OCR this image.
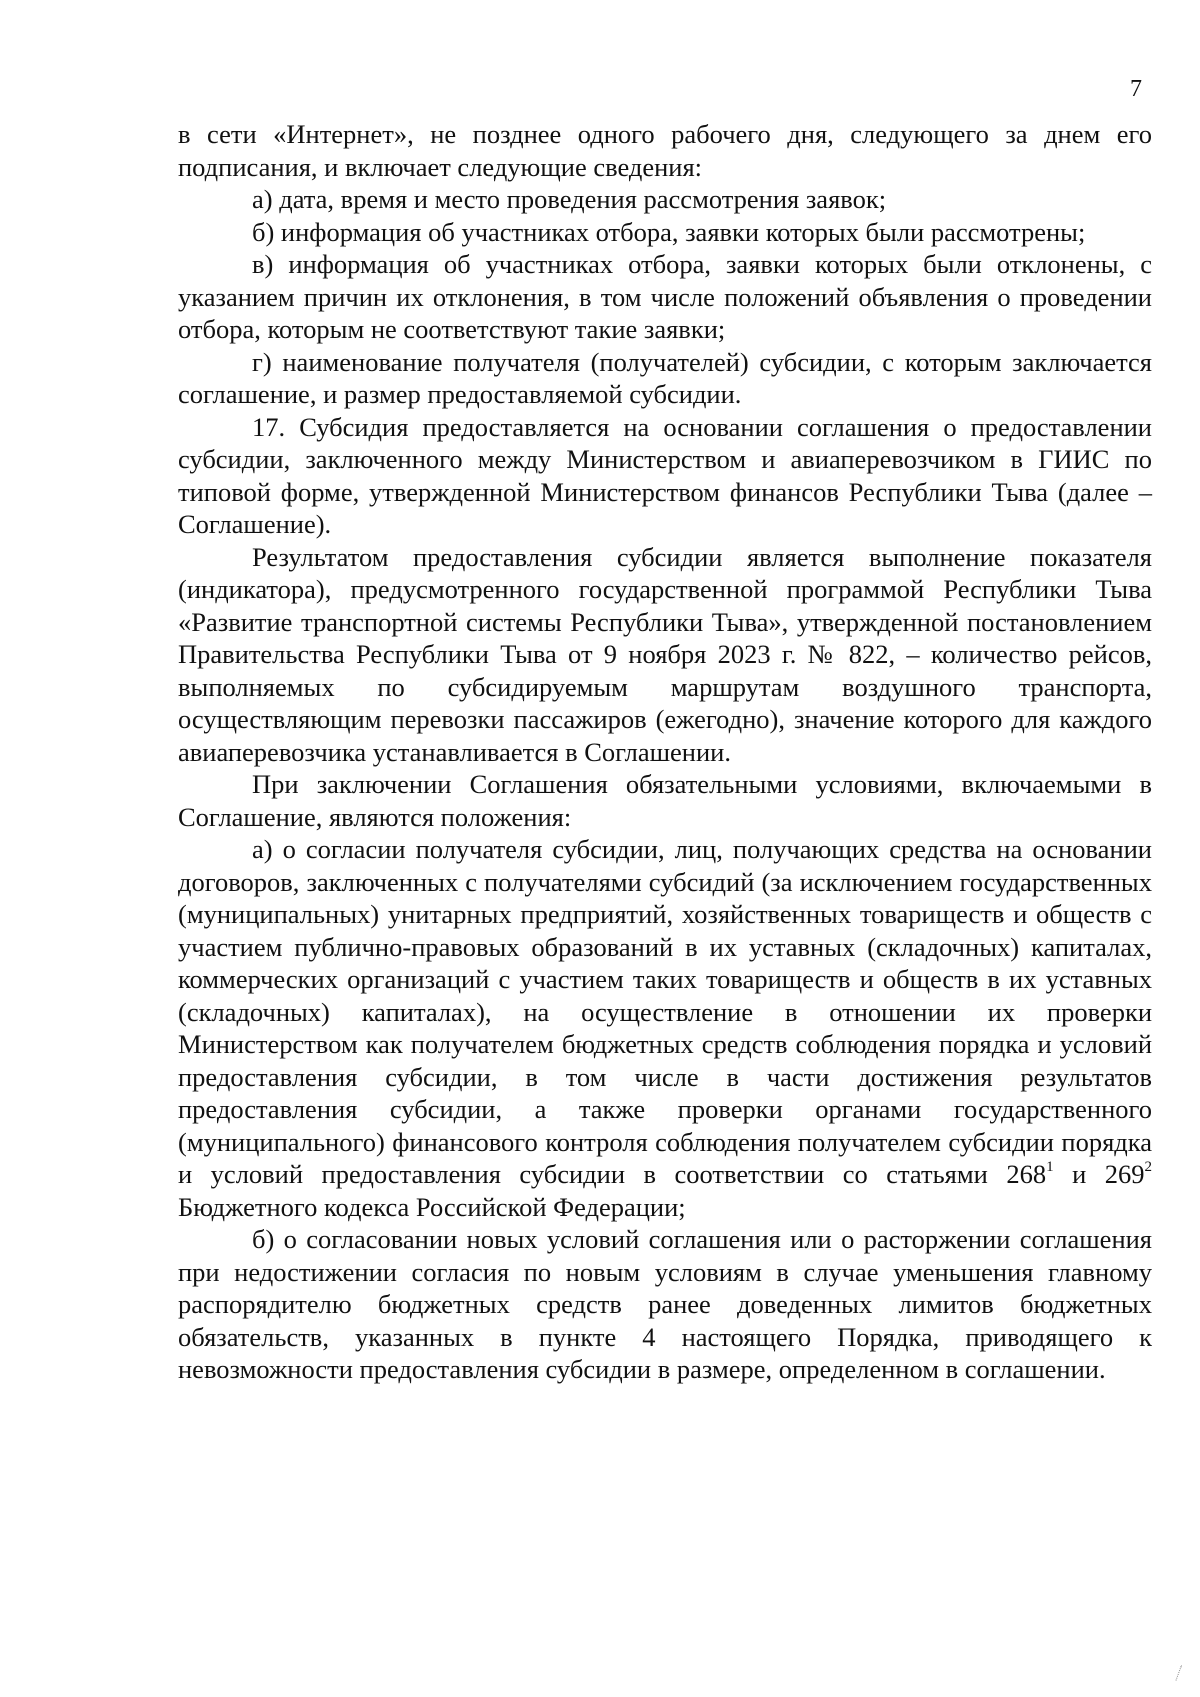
7

в сети «Интернет», не позднее одного рабочего дня, следующего за днем его подписания, и включает следующие сведения:

а) дата, время и место проведения рассмотрения заявок;

б) информация об участниках отбора, заявки которых были рассмотрены;

в) информация об участниках отбора, заявки которых были отклонены, с указанием причин их отклонения, в том числе положений объявления о проведении отбора, которым не соответствуют такие заявки;

г) наименование получателя (получателей) субсидии, с которым заключается соглашение, и размер предоставляемой субсидии.

17. Субсидия предоставляется на основании соглашения о предоставлении субсидии, заключенного между Министерством и авиаперевозчиком в ГИИС по типовой форме, утвержденной Министерством финансов Республики Тыва (далее – Соглашение).

Результатом предоставления субсидии является выполнение показателя (индикатора), предусмотренного государственной программой Республики Тыва «Развитие транспортной системы Республики Тыва», утвержденной постановлением Правительства Республики Тыва от 9 ноября 2023 г. № 822, – количество рейсов, выполняемых по субсидируемым маршрутам воздушного транспорта, осуществляющим перевозки пассажиров (ежегодно), значение которого для каждого авиаперевозчика устанавливается в Соглашении.

При заключении Соглашения обязательными условиями, включаемыми в Соглашение, являются положения:

а) о согласии получателя субсидии, лиц, получающих средства на основании договоров, заключенных с получателями субсидий (за исключением государственных (муниципальных) унитарных предприятий, хозяйственных товариществ и обществ с участием публично-правовых образований в их уставных (складочных) капиталах, коммерческих организаций с участием таких товариществ и обществ в их уставных (складочных) капиталах), на осуществление в отношении их проверки Министерством как получателем бюджетных средств соблюдения порядка и условий предоставления субсидии, в том числе в части достижения результатов предоставления субсидии, а также проверки органами государственного (муниципального) финансового контроля соблюдения получателем субсидии порядка и условий предоставления субсидии в соответствии со статьями $268^1$ и $269^2$ Бюджетного кодекса Российской Федерации;

б) о согласовании новых условий соглашения или о расторжении соглашения при недостижении согласия по новым условиям в случае уменьшения главному распорядителю бюджетных средств ранее доведенных лимитов бюджетных обязательств, указанных в пункте 4 настоящего Порядка, приводящего к невозможности предоставления субсидии в размере, определенном в соглашении.
